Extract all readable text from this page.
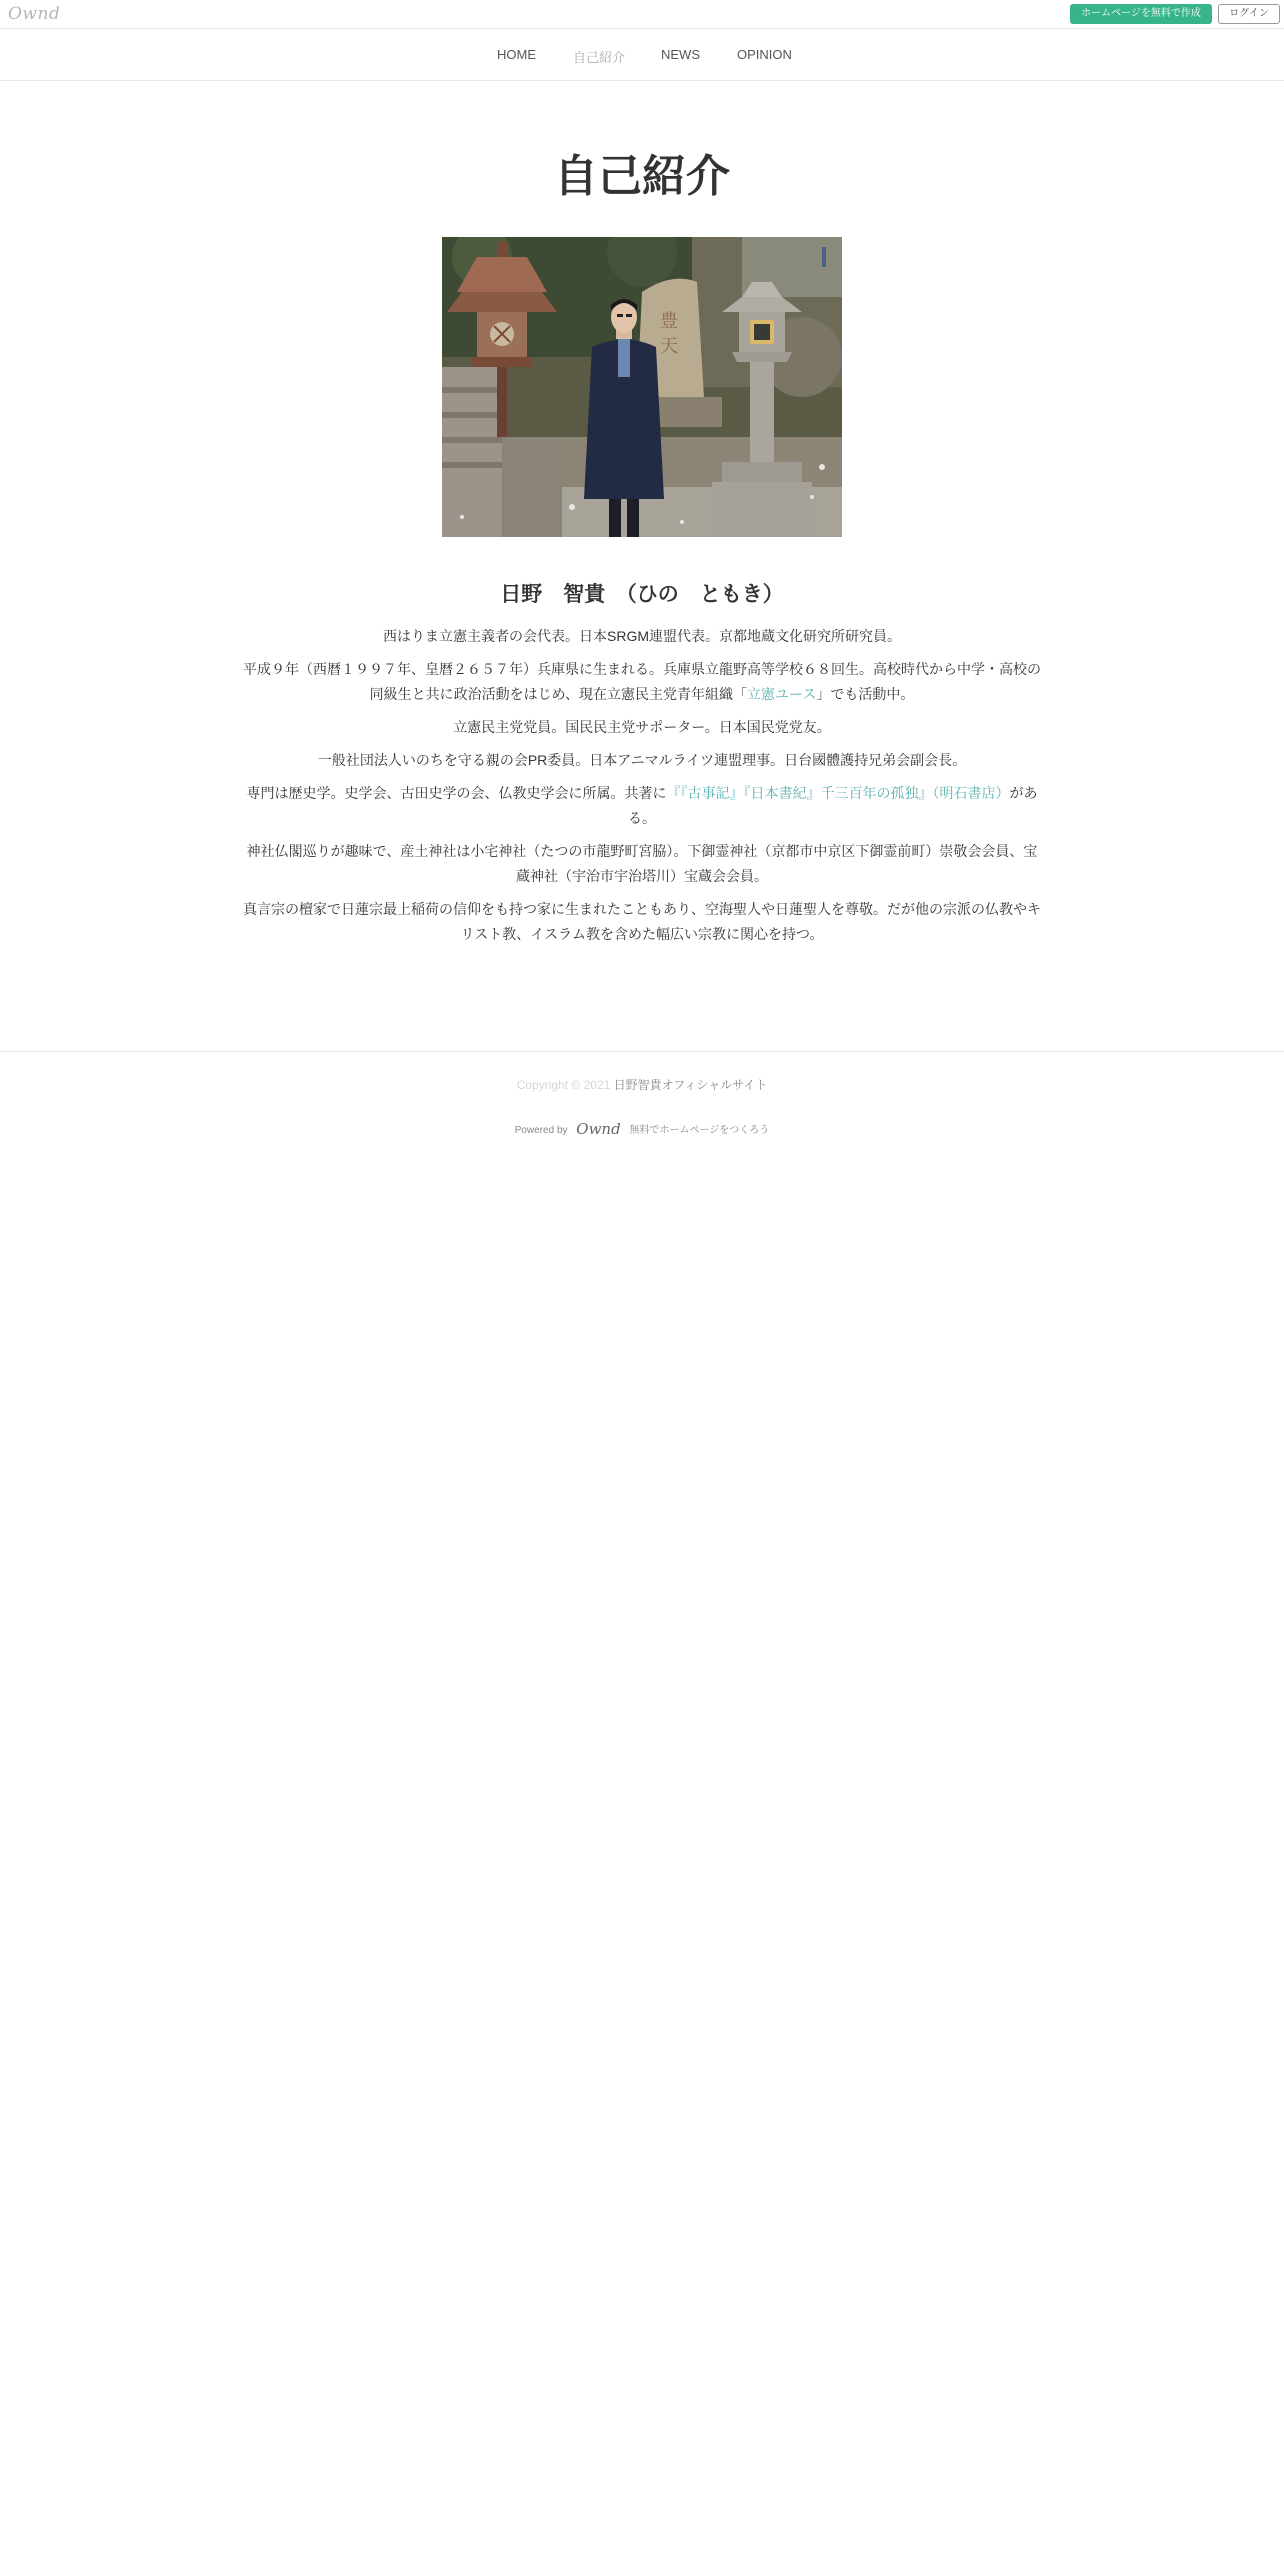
Ownd	ホームページを無料で作成	ログイン
HOME	自己紹介	NEWS	OPINION
自己紹介
豊
天
日野　智貴　（ひの　ともき）

西はりま立憲主義者の会代表。日本SRGM連盟代表。京都地蔵文化研究所研究員。

平成９年（西暦１９９７年、皇暦２６５７年）兵庫県に生まれる。兵庫県立龍野高等学校６８回生。高校時代から中学・高校の同級生と共に政治活動をはじめ、現在立憲民主党青年組織「立憲ユース」でも活動中。

立憲民主党党員。国民民主党サポーター。日本国民党党友。

一般社団法人いのちを守る親の会PR委員。日本アニマルライツ連盟理事。日台國體護持兄弟会副会長。

専門は歴史学。史学会、古田史学の会、仏教史学会に所属。共著に『『古事記』『日本書紀』千三百年の孤独』（明石書店）がある。

神社仏閣巡りが趣味で、産土神社は小宅神社（たつの市龍野町宮脇）。下御霊神社（京都市中京区下御霊前町）崇敬会会員、宝蔵神社（宇治市宇治塔川）宝蔵会会員。

真言宗の檀家で日蓮宗最上稲荷の信仰をも持つ家に生まれたこともあり、空海聖人や日蓮聖人を尊敬。だが他の宗派の仏教やキリスト教、イスラム教を含めた幅広い宗教に関心を持つ。

Copyright © 2021 日野智貴オフィシャルサイト
Powered by Ownd 無料でホームページをつくろう
